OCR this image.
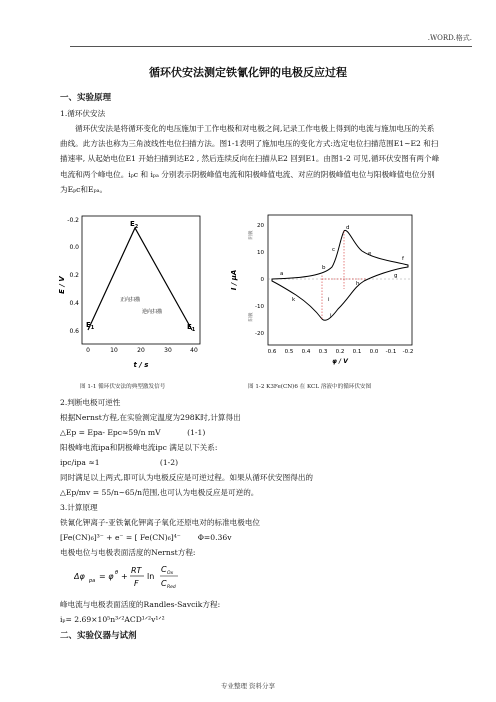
.WORD.格式.
循环伏安法测定铁氰化钾的电极反应过程
一、实验原理
1.循环伏安法
循环伏安法是将循环变化的电压施加于工作电极和对电极之间,记录工作电极上得到的电流与施加电压的关系曲线。此方法也称为三角波线性电位扫描方法。图1-1表明了施加电压的变化方式:选定电位扫描范围E1~E2 和扫描速率, 从起始电位E1 开始扫描到达E2 , 然后连续反向在扫描从E2 回到E1。由图1-2 可见,循环伏安图有两个峰电流和两个峰电位。iₚc 和 iₚₐ 分别表示阴极峰值电流和阳极峰值电流、对应的阴极峰值电位与阳极峰值电位分别为Eₚc和Eₚₐ。
-0.2
0.0
0.2
0.4
0.6
0	10	20	30	40
E / V
t / s
$E_2$
$E_1$	$E_1$
正向扫描
逆向扫描
20
10
0
-10
-20
0.6 0.5 0.4 0.3 0.2 0.1 0.0 -0.1 -0.2
I / μA
φ / V
阴极
阳极
a
b
c
d
e
f
g
h
i
j
k
图 1-1 循环伏安法的典型激发信号	图 1-2 K3Fe(CN)6 在 KCL 溶液中的循环伏安图
2.判断电极可逆性
根据Nernst方程,在实验测定温度为298K时,计算得出
△Ep = Epa- Epc≈59/n mV           (1-1)
阳极峰电流ipa和阴极峰电流ipc 满足以下关系:
ipc/ipa ≈1                         (1-2)
同时满足以上两式,即可认为电极反应是可逆过程。如果从循环伏安图得出的
△Ep/mv = 55/n~65/n范围,也可认为电极反应是可逆的。
3.计算原理
铁氰化钾离子-亚铁氰化钾离子氧化还原电对的标准电极电位
[Fe(CN)₆]³⁻ + e⁻ = [ Fe(CN)₆]⁴⁻       Φ=0.36v
电极电位与电极表面活度的Nernst方程:
Δφ pa = φ θ +
RT
F
ln
C Ox
C Red
峰电流与电极表面活度的Randles-Savcik方程:
iₚ= 2.69×10⁵n³ᐟ²ACD¹ᐟ²v¹ᐟ²
二、实验仪器与试剂
专业整理 资料分享
